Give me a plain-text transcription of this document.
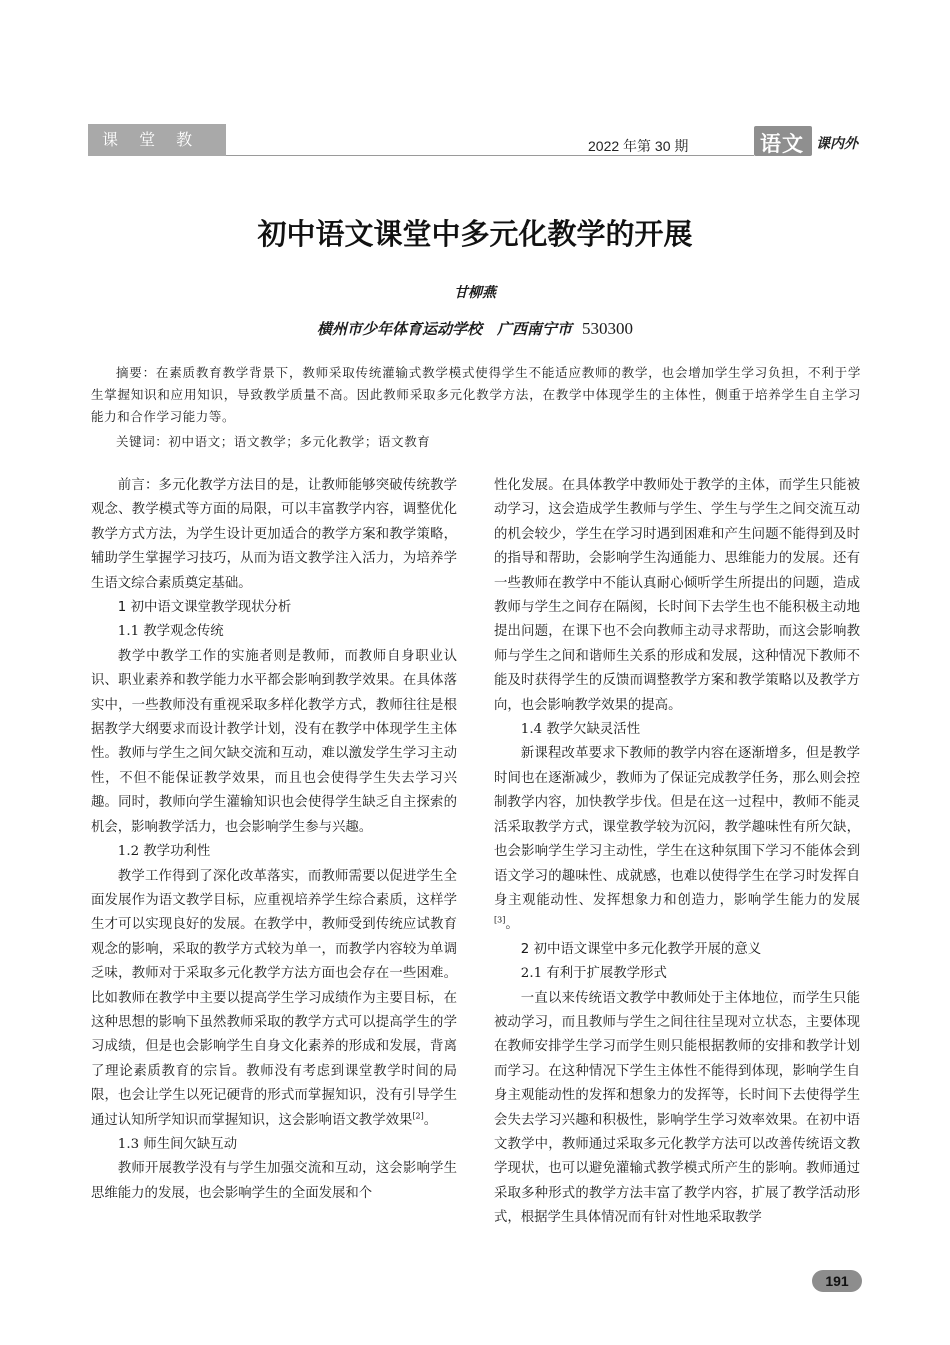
课 堂 教 学
2022 年第 30 期	语文 课内外
初中语文课堂中多元化教学的开展
甘柳燕
横州市少年体育运动学校　广西南宁市 530300

摘要：在素质教育教学背景下，教师采取传统灌输式教学模式使得学生不能适应教师的教学，也会增加学生学习负担，不利于学生掌握知识和应用知识，导致教学质量不高。因此教师采取多元化教学方法，在教学中体现学生的主体性，侧重于培养学生自主学习能力和合作学习能力等。

关键词：初中语文；语文教学；多元化教学；语文教育

前言：多元化教学方法目的是，让教师能够突破传统教学观念、教学模式等方面的局限，可以丰富教学内容，调整优化教学方式方法，为学生设计更加适合的教学方案和教学策略，辅助学生掌握学习技巧，从而为语文教学注入活力，为培养学生语文综合素质奠定基础。

1 初中语文课堂教学现状分析
1.1 教学观念传统

教学中教学工作的实施者则是教师，而教师自身职业认识、职业素养和教学能力水平都会影响到教学效果。在具体落实中，一些教师没有重视采取多样化教学方式，教师往往是根据教学大纲要求而设计教学计划，没有在教学中体现学生主体性。教师与学生之间欠缺交流和互动，难以激发学生学习主动性，不但不能保证教学效果，而且也会使得学生失去学习兴趣。同时，教师向学生灌输知识也会使得学生缺乏自主探索的机会，影响教学活力，也会影响学生参与兴趣。

1.2 教学功利性

教学工作得到了深化改革落实，而教师需要以促进学生全面发展作为语文教学目标，应重视培养学生综合素质，这样学生才可以实现良好的发展。在教学中，教师受到传统应试教育观念的影响，采取的教学方式较为单一，而教学内容较为单调乏味，教师对于采取多元化教学方法方面也会存在一些困难。比如教师在教学中主要以提高学生学习成绩作为主要目标，在这种思想的影响下虽然教师采取的教学方式可以提高学生的学习成绩，但是也会影响学生自身文化素养的形成和发展，背离了理论素质教育的宗旨。教师没有考虑到课堂教学时间的局限，也会让学生以死记硬背的形式而掌握知识，没有引导学生通过认知所学知识而掌握知识，这会影响语文教学效果[2]。

1.3 师生间欠缺互动

教师开展教学没有与学生加强交流和互动，这会影响学生思维能力的发展，也会影响学生的全面发展和个

性化发展。在具体教学中教师处于教学的主体，而学生只能被动学习，这会造成学生教师与学生、学生与学生之间交流互动的机会较少，学生在学习时遇到困难和产生问题不能得到及时的指导和帮助，会影响学生沟通能力、思维能力的发展。还有一些教师在教学中不能认真耐心倾听学生所提出的问题，造成教师与学生之间存在隔阂，长时间下去学生也不能积极主动地提出问题，在课下也不会向教师主动寻求帮助，而这会影响教师与学生之间和谐师生关系的形成和发展，这种情况下教师不能及时获得学生的反馈而调整教学方案和教学策略以及教学方向，也会影响教学效果的提高。

1.4 教学欠缺灵活性

新课程改革要求下教师的教学内容在逐渐增多，但是教学时间也在逐渐减少，教师为了保证完成教学任务，那么则会控制教学内容，加快教学步伐。但是在这一过程中，教师不能灵活采取教学方式，课堂教学较为沉闷，教学趣味性有所欠缺，也会影响学生学习主动性，学生在这种氛围下学习不能体会到语文学习的趣味性、成就感，也难以使得学生在学习时发挥自身主观能动性、发挥想象力和创造力，影响学生能力的发展[3]。

2 初中语文课堂中多元化教学开展的意义
2.1 有利于扩展教学形式

一直以来传统语文教学中教师处于主体地位，而学生只能被动学习，而且教师与学生之间往往呈现对立状态，主要体现在教师安排学生学习而学生则只能根据教师的安排和教学计划而学习。在这种情况下学生主体性不能得到体现，影响学生自身主观能动性的发挥和想象力的发挥等，长时间下去使得学生会失去学习兴趣和积极性，影响学生学习效率效果。在初中语文教学中，教师通过采取多元化教学方法可以改善传统语文教学现状，也可以避免灌输式教学模式所产生的影响。教师通过采取多种形式的教学方法丰富了教学内容，扩展了教学活动形式，根据学生具体情况而有针对性地采取教学

191
